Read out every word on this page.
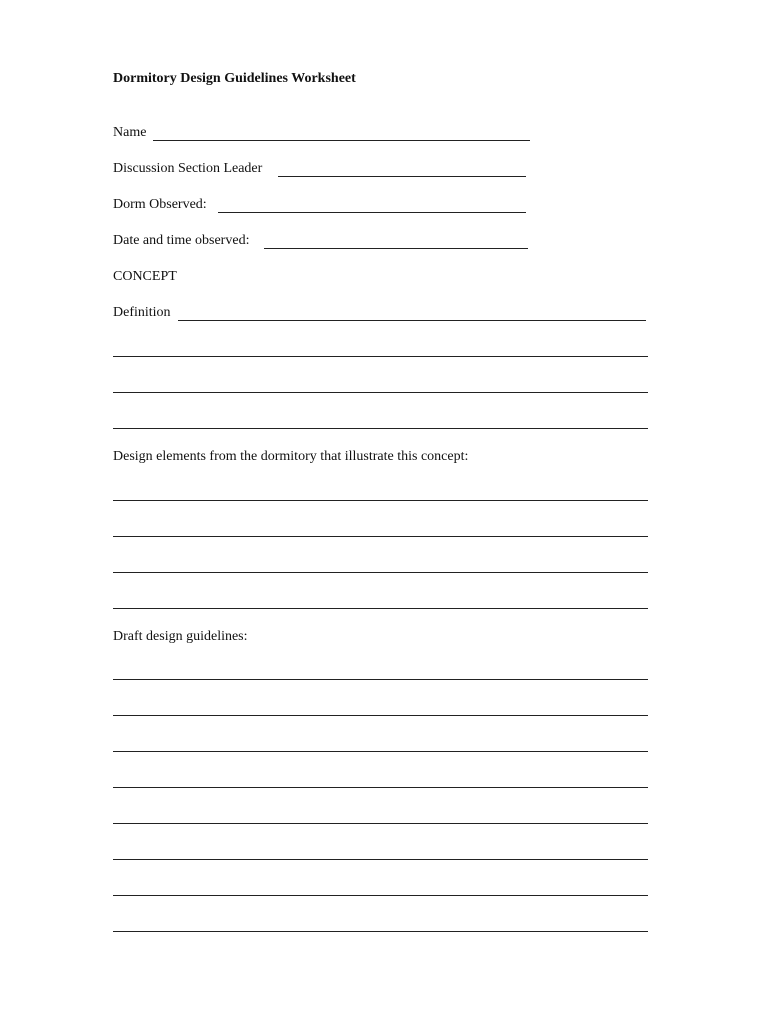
Dormitory Design Guidelines Worksheet
Name
Discussion Section Leader
Dorm Observed:
Date and time observed:
CONCEPT
Definition
Design elements from the dormitory that illustrate this concept:
Draft design guidelines:
